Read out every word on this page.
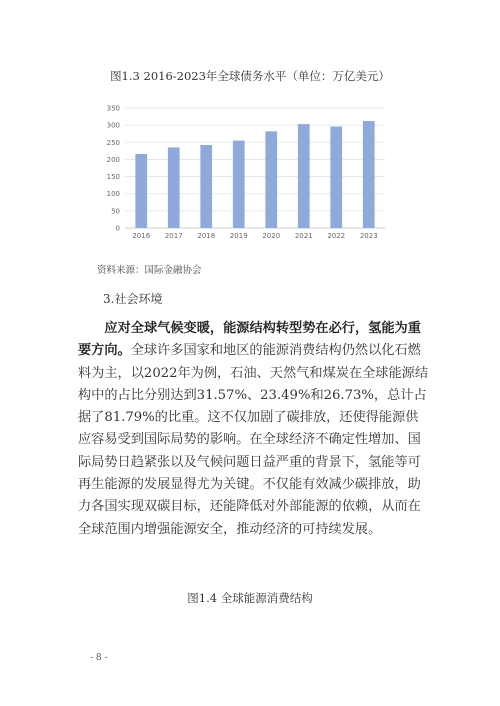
图1.3 2016-2023年全球债务水平（单位：万亿美元）
0
50
100
150
200
250
300
350
2016 2017 2018 2019 2020 2021 2022 2023
资料来源：国际金融协会
3.社会环境

应对全球气候变暖，能源结构转型势在必行，氢能为重要方向。全球许多国家和地区的能源消费结构仍然以化石燃料为主，以2022年为例，石油、天然气和煤炭在全球能源结构中的占比分别达到31.57%、23.49%和26.73%，总计占据了81.79%的比重。这不仅加剧了碳排放，还使得能源供应容易受到国际局势的影响。在全球经济不确定性增加、国际局势日趋紧张以及气候问题日益严重的背景下，氢能等可再生能源的发展显得尤为关键。不仅能有效减少碳排放，助力各国实现双碳目标，还能降低对外部能源的依赖，从而在全球范围内增强能源安全，推动经济的可持续发展。

图1.4 全球能源消费结构
- 8 -
